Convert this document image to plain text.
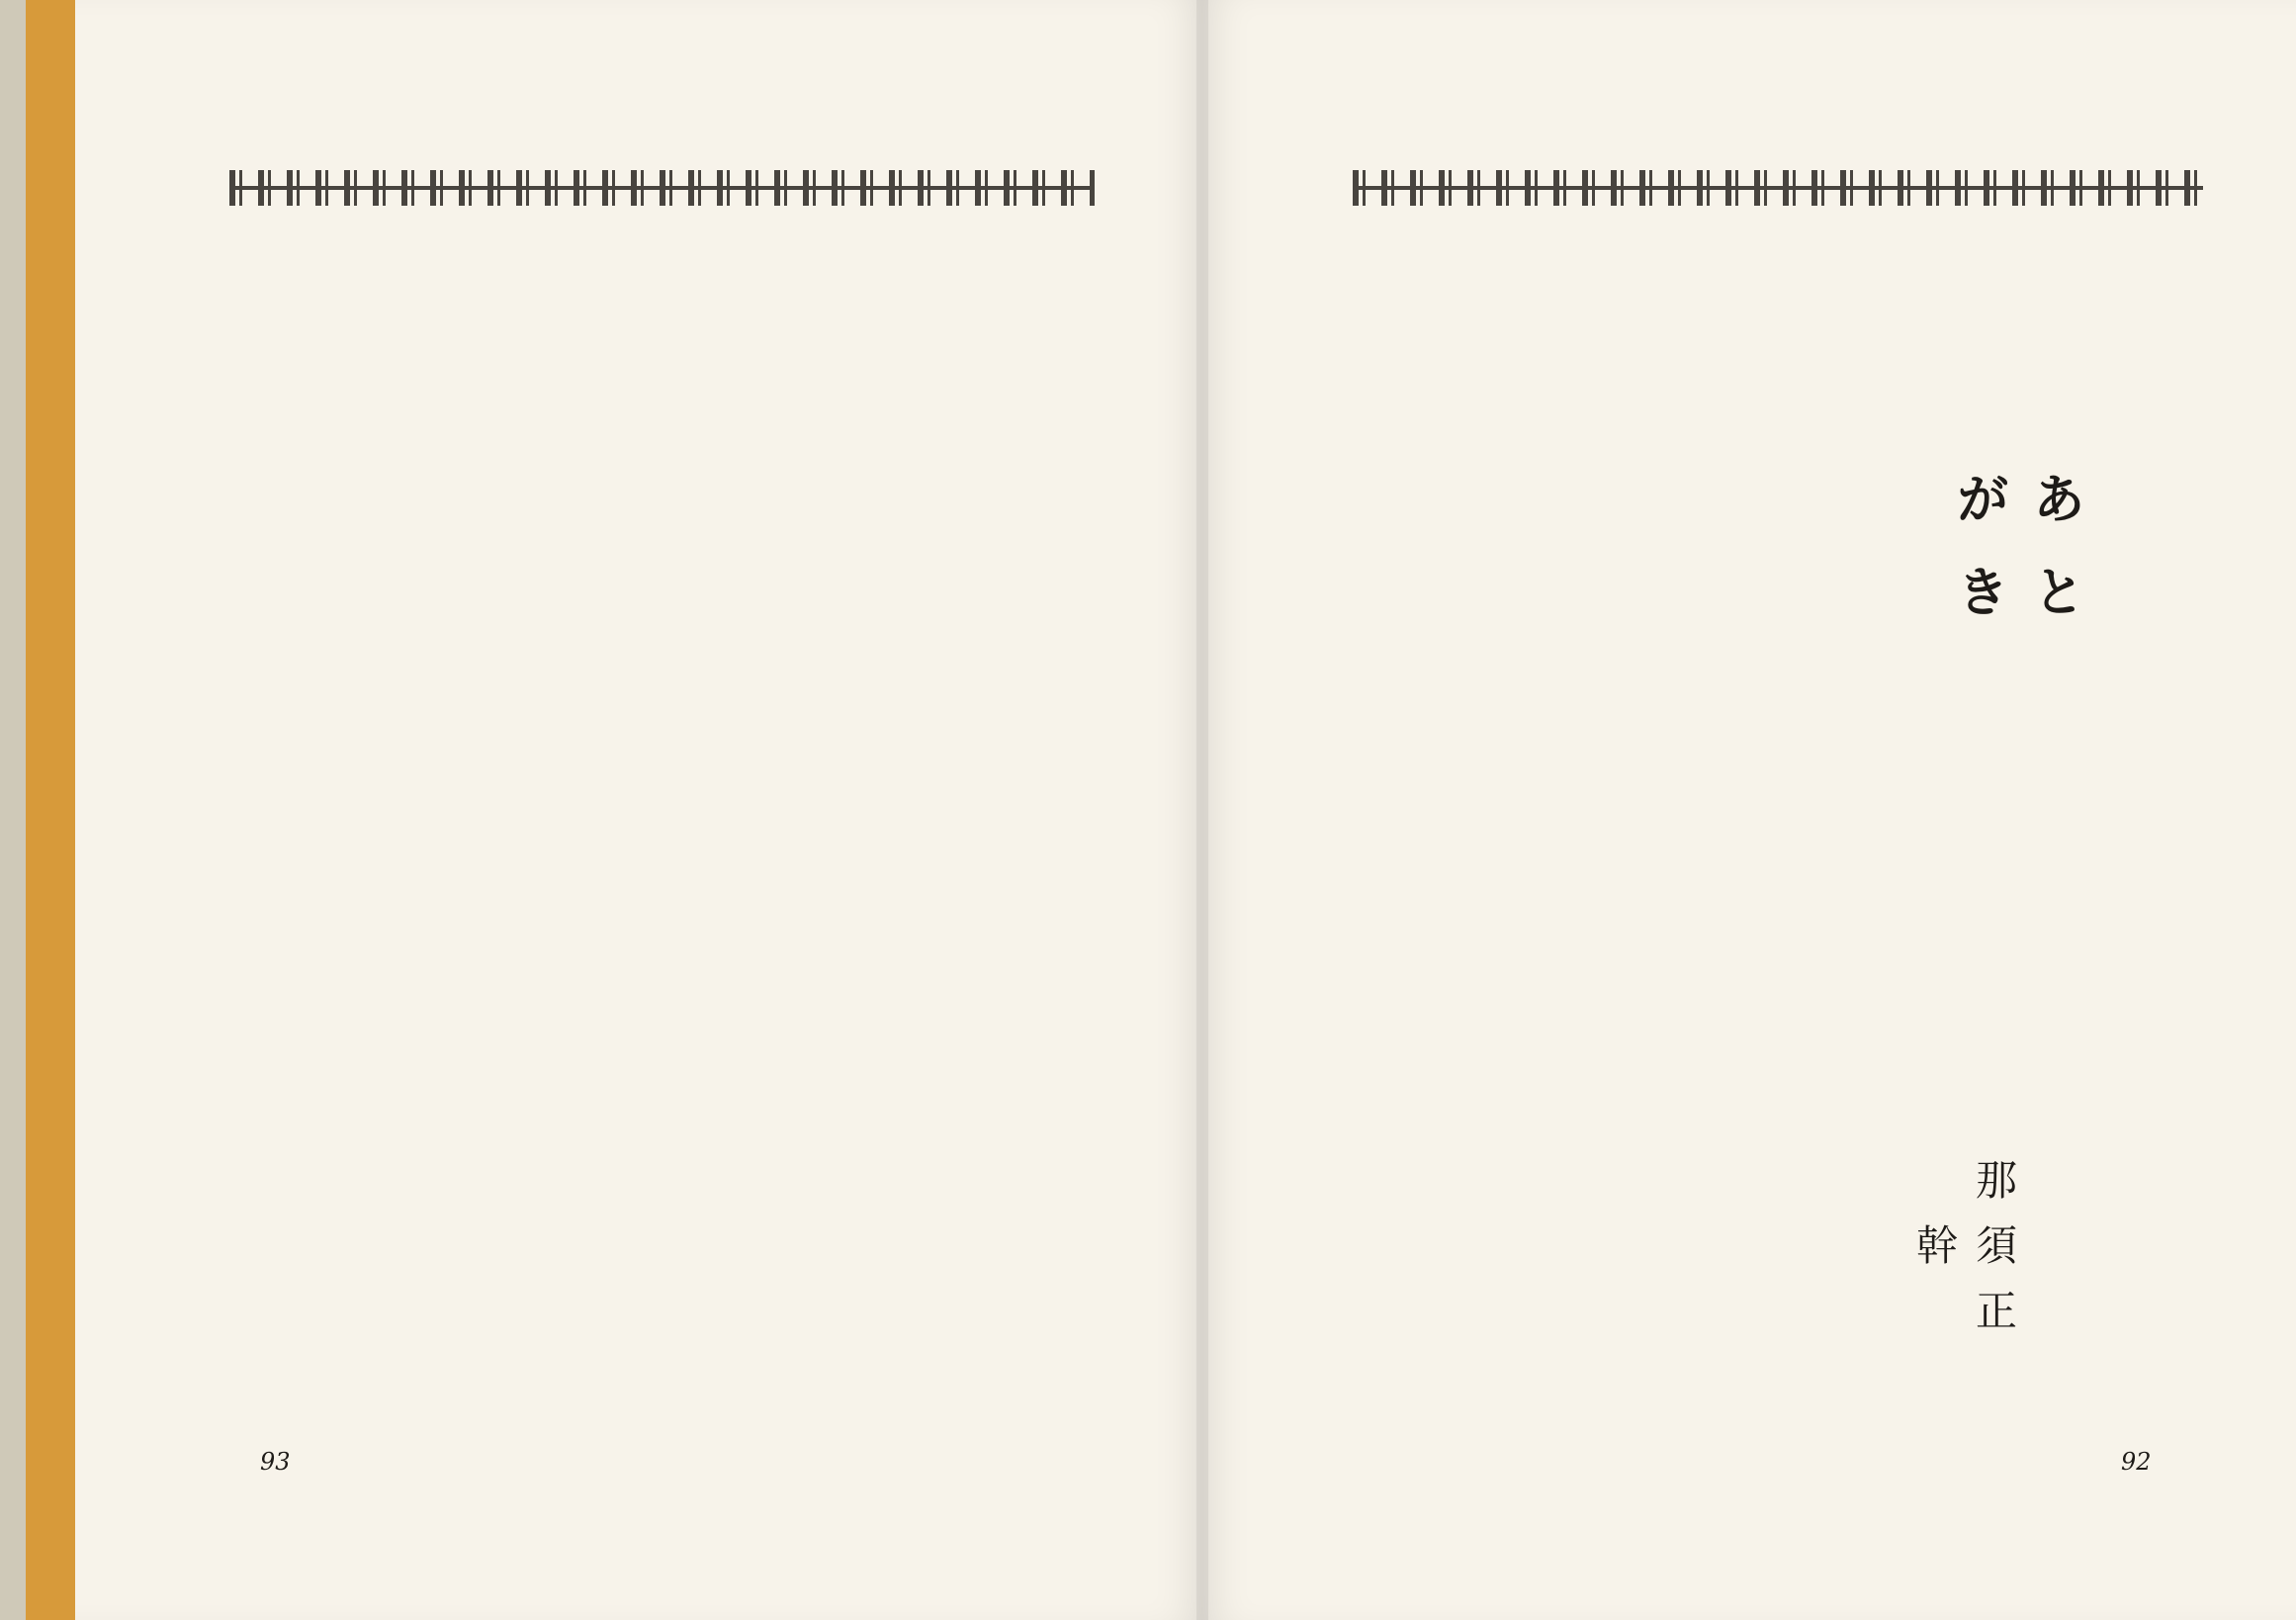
あとがき
那須正幹
93	92
